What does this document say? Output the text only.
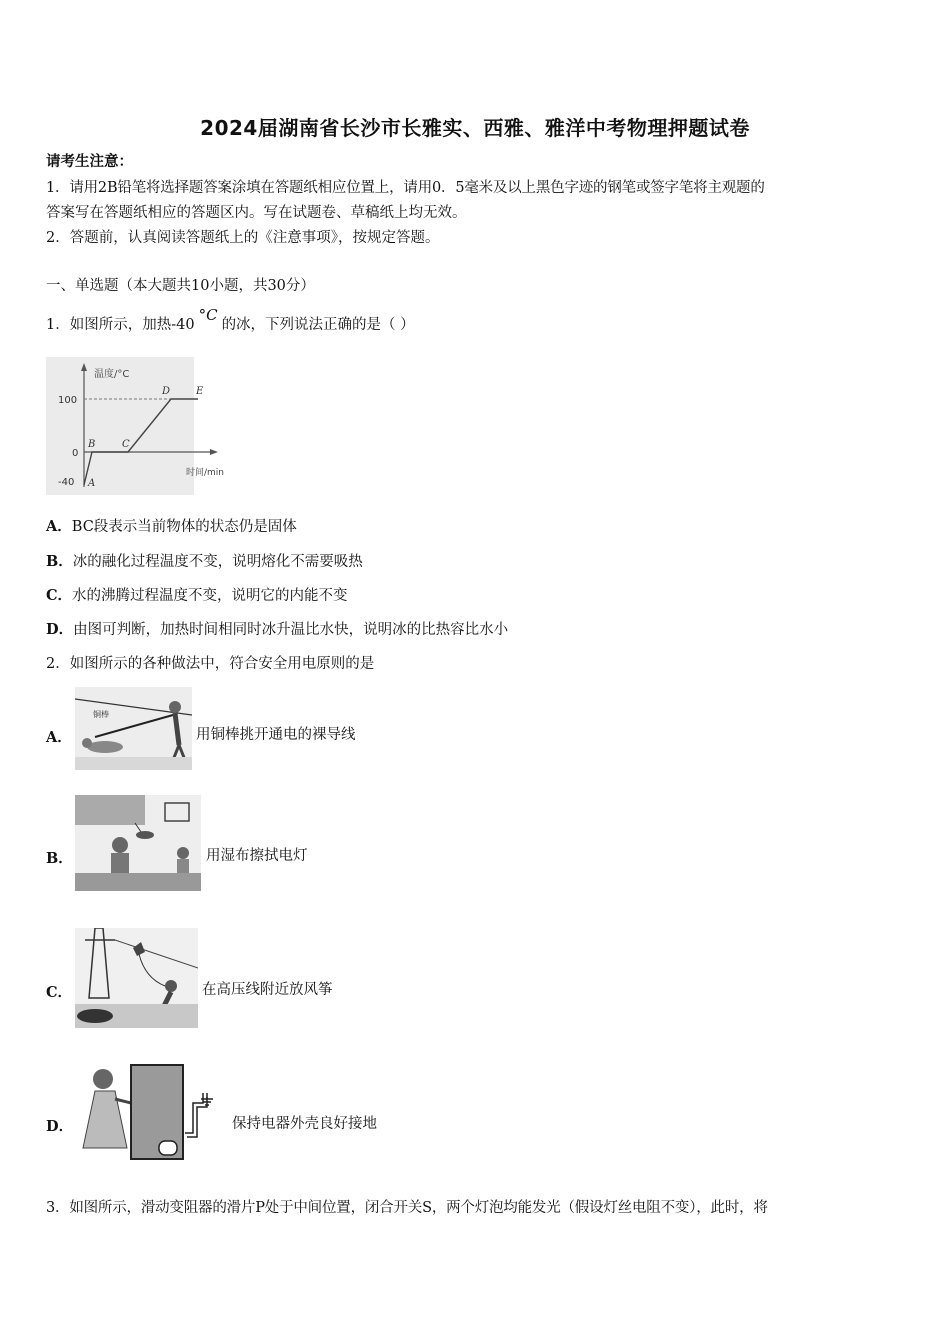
2024届湖南省长沙市长雅实、西雅、雅洋中考物理押题试卷
请考生注意：
1．请用2B铅笔将选择题答案涂填在答题纸相应位置上，请用0．5毫米及以上黑色字迹的钢笔或签字笔将主观题的
答案写在答题纸相应的答题区内。写在试题卷、草稿纸上均无效。
2．答题前，认真阅读答题纸上的《注意事项》，按规定答题。
一、单选题（本大题共10小题，共30分）
1．如图所示，加热-40°C的冰，下列说法正确的是（ ）
温度/°C
时间/min
100
0
-40 A
B	C
D	E
A．BC段表示当前物体的状态仍是固体
B．冰的融化过程温度不变，说明熔化不需要吸热
C．水的沸腾过程温度不变，说明它的内能不变
D．由图可判断，加热时间相同时冰升温比水快，说明冰的比热容比水小
2．如图所示的各种做法中，符合安全用电原则的是
A．
铜棒
用铜棒挑开通电的裸导线
B．	用湿布擦拭电灯
C．	在高压线附近放风筝
D．	保持电器外壳良好接地
3．如图所示，滑动变阻器的滑片P处于中间位置，闭合开关S，两个灯泡均能发光（假设灯丝电阻不变），此时，将
